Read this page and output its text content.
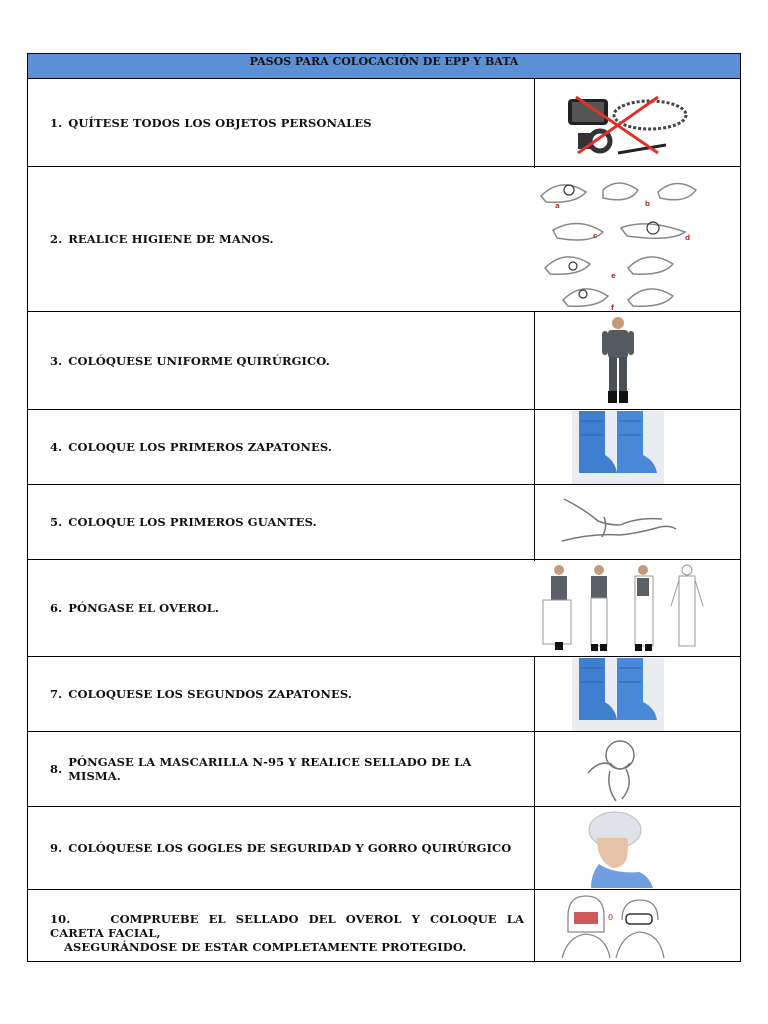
PASOS PARA COLOCACIÓN DE EPP Y BATA
1. QUÍTESE TODOS LOS OBJETOS PERSONALES
2. REALICE HIGIENE DE MANOS.
a	b
c	d
e
f
3. COLÓQUESE UNIFORME QUIRÚRGICO.
4. COLOQUE LOS PRIMEROS ZAPATONES.
5. COLOQUE LOS PRIMEROS GUANTES.
6. PÓNGASE EL OVEROL.
7. COLOQUESE LOS SEGUNDOS ZAPATONES.
8. PÓNGASE LA MASCARILLA N-95 Y REALICE SELLADO DE LA MISMA.
9. COLÓQUESE LOS GOGLES DE SEGURIDAD Y GORRO QUIRÚRGICO
10.	COMPRUEBE EL SELLADO DEL OVEROL Y COLOQUE LA CARETA FACIAL,
ASEGURÁNDOSE DE ESTAR COMPLETAMENTE PROTEGIDO.
0
